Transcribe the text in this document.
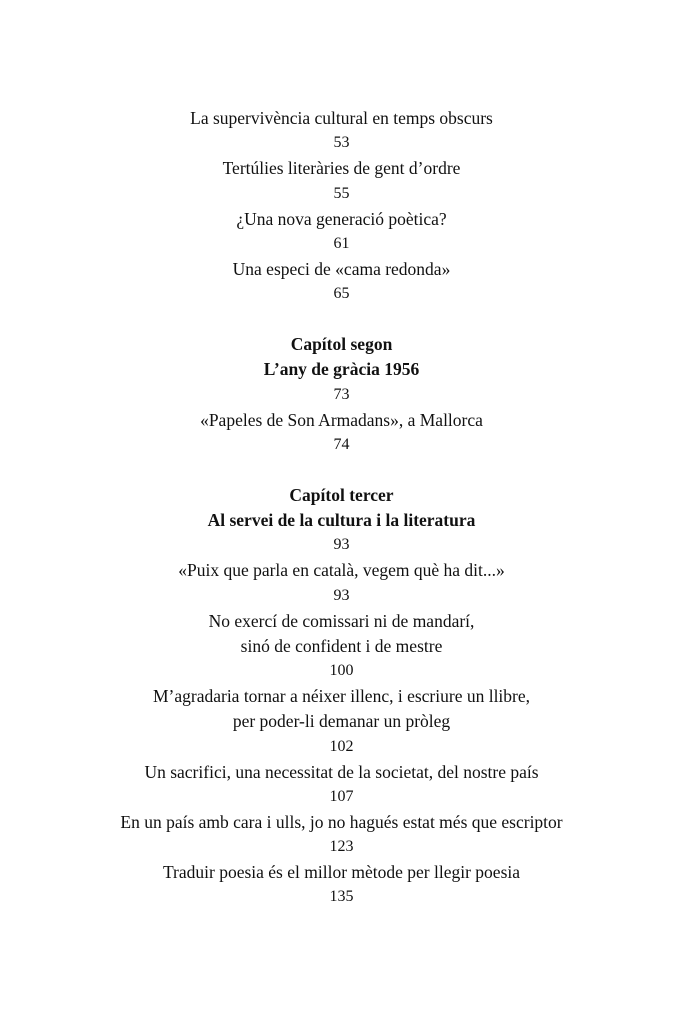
La supervivència cultural en temps obscurs
53
Tertúlies literàries de gent d’ordre
55
¿Una nova generació poètica?
61
Una especi de «cama redonda»
65
Capítol segon
L’any de gràcia 1956
73
«Papeles de Son Armadans», a Mallorca
74
Capítol tercer
Al servei de la cultura i la literatura
93
«Puix que parla en català, vegem què ha dit...»
93
No exercí de comissari ni de mandarí,
sinó de confident i de mestre
100
M’agradaria tornar a néixer illenc, i escriure un llibre,
per poder-li demanar un pròleg
102
Un sacrifici, una necessitat de la societat, del nostre país
107
En un país amb cara i ulls, jo no hagués estat més que escriptor
123
Traduir poesia és el millor mètode per llegir poesia
135
